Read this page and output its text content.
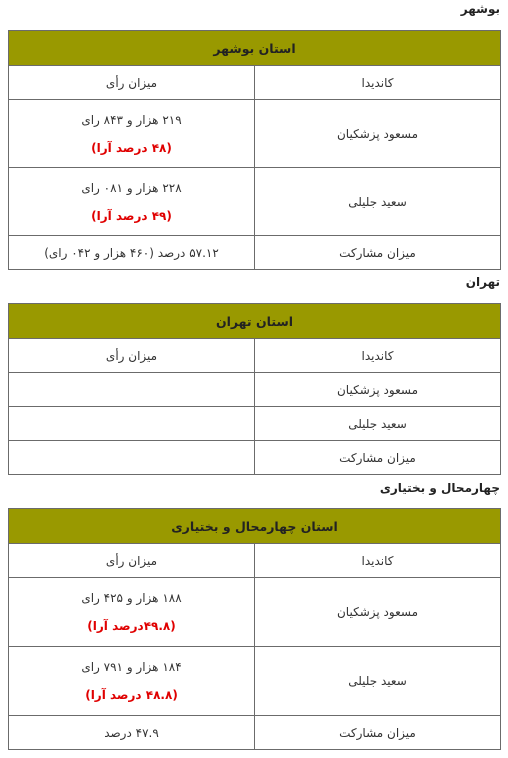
بوشهر
استان بوشهر	
کاندیدا	میزان رأی
مسعود پزشکیان	۲۱۹ هزار و ۸۴۳ رای
(۴۸ درصد آرا)

سعید جلیلی	۲۲۸ هزار و ۰۸۱ رای
(۴۹ درصد آرا)

میزان مشارکت	۵۷.۱۲ درصد (۴۶۰ هزار و ۰۴۲ رای)
تهران
استان تهران	
کاندیدا	میزان رأی
مسعود پزشکیان	
سعید جلیلی	
میزان مشارکت	
چهارمحال و بختیاری
استان چهارمحال و بختیاری	
کاندیدا	میزان رأی
مسعود پزشکیان	۱۸۸ هزار و ۴۲۵ رای
(۴۹.۸درصد آرا)

سعید جلیلی	۱۸۴ هزار و ۷۹۱ رای
(۴۸.۸ درصد آرا)

میزان مشارکت	۴۷.۹ درصد
